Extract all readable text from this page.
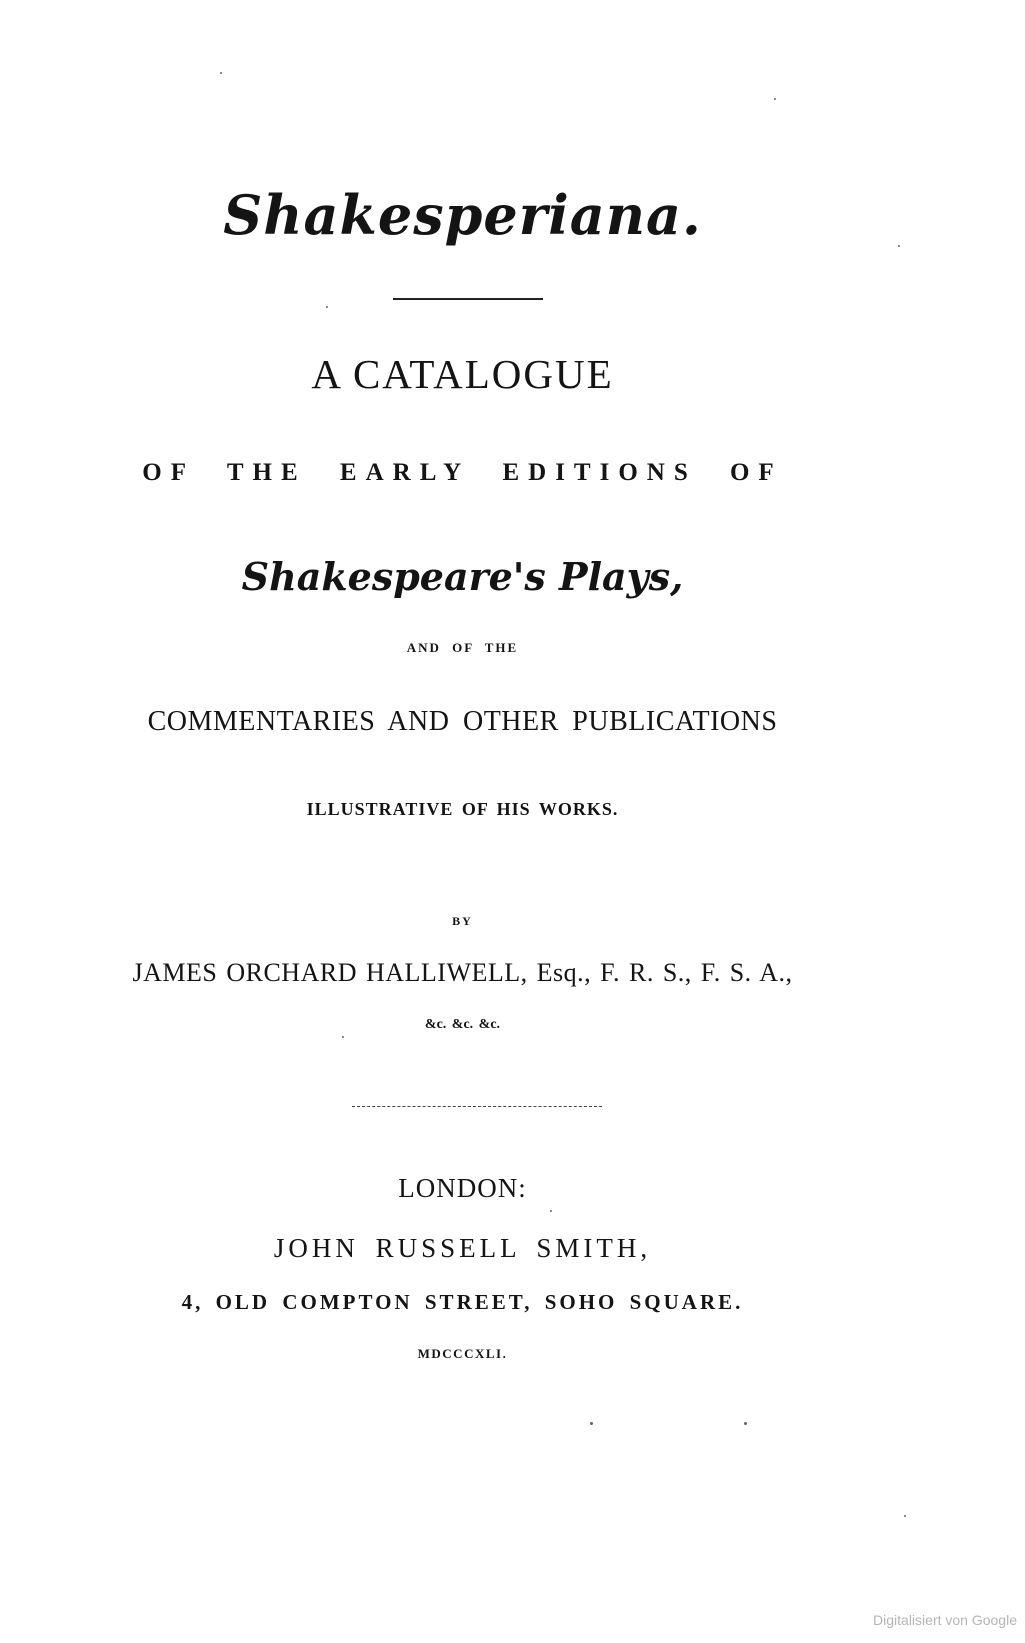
Shakesperiana.
A CATALOGUE
OF THE EARLY EDITIONS OF
Shakespeare's Plays,
AND OF THE
COMMENTARIES AND OTHER PUBLICATIONS
ILLUSTRATIVE OF HIS WORKS.
BY
JAMES ORCHARD HALLIWELL, Esq., F. R. S., F. S. A.,
&c. &c. &c.
LONDON:
JOHN RUSSELL SMITH,
4, OLD COMPTON STREET, SOHO SQUARE.
MDCCCXLI.
Digitalisiert von Google
